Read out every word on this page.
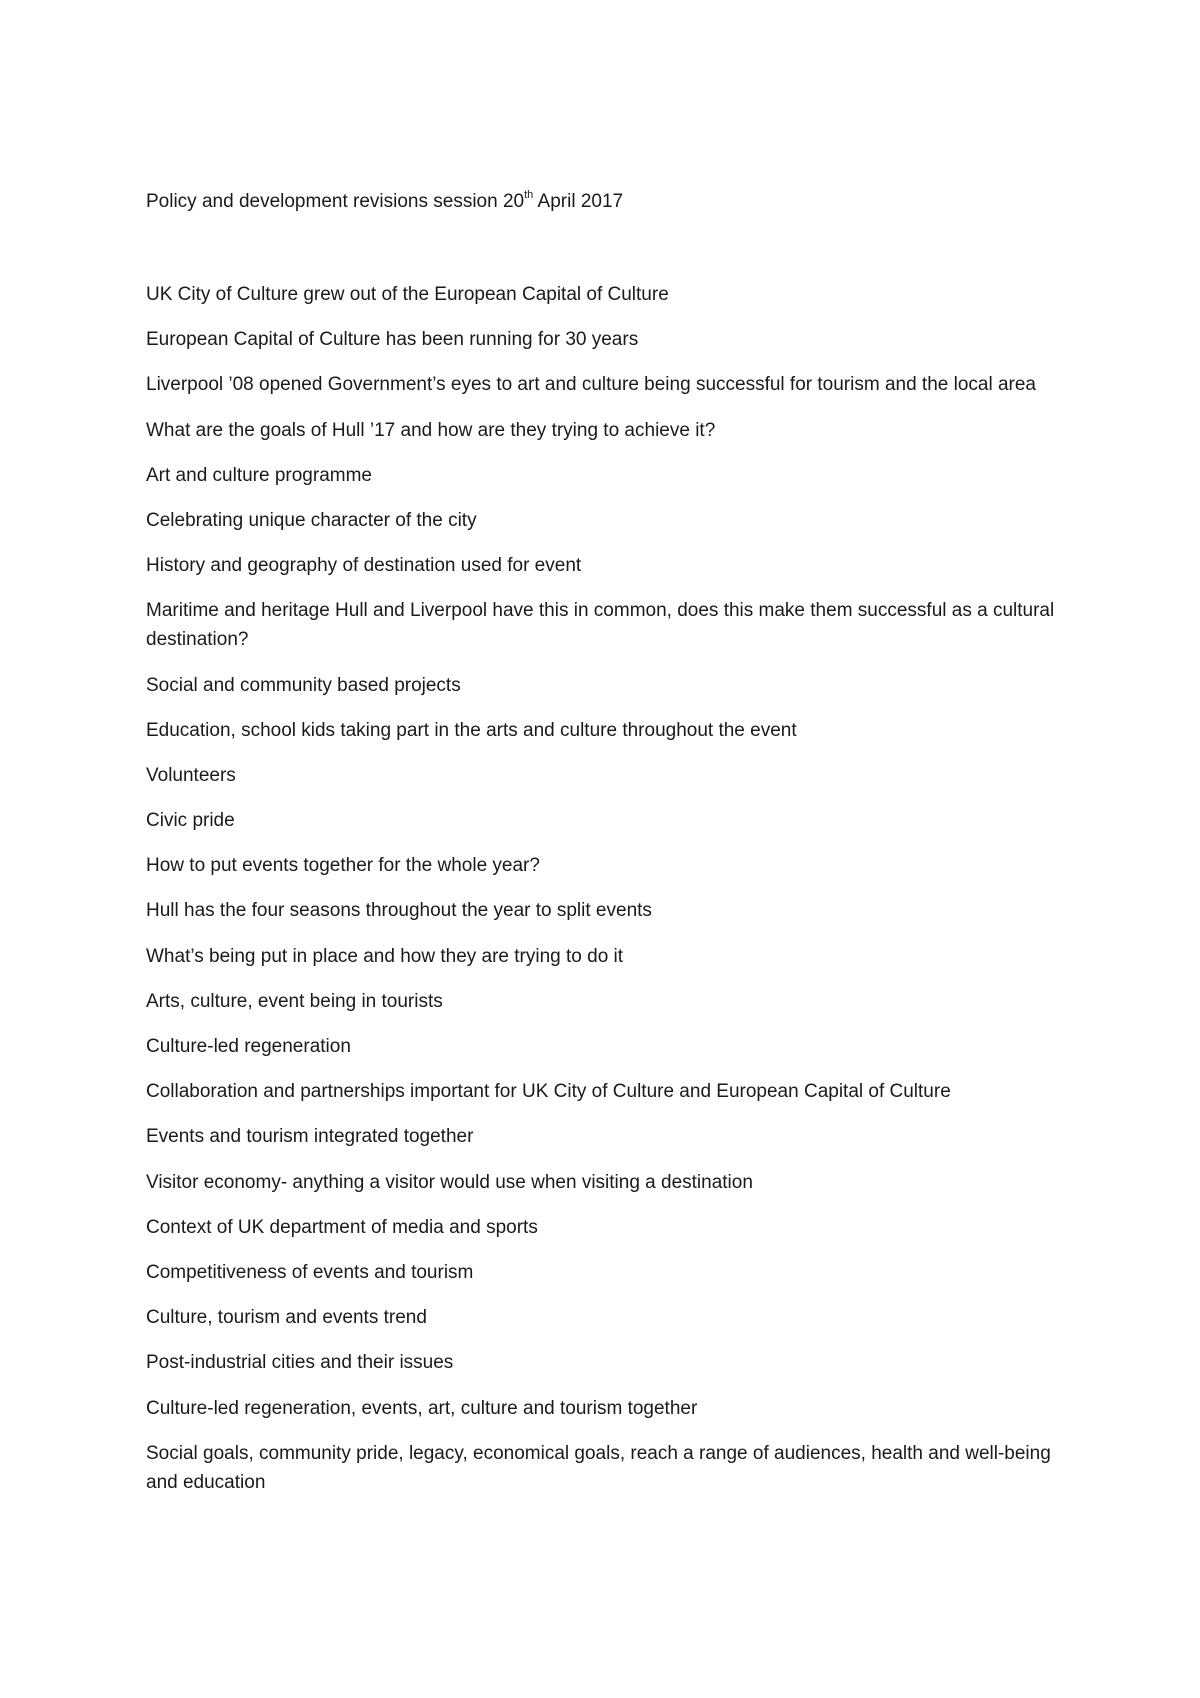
Policy and development revisions session 20th April 2017
UK City of Culture grew out of the European Capital of Culture
European Capital of Culture has been running for 30 years
Liverpool ’08 opened Government’s eyes to art and culture being successful for tourism and the local area
What are the goals of Hull ’17 and how are they trying to achieve it?
Art and culture programme
Celebrating unique character of the city
History and geography of destination used for event
Maritime and heritage Hull and Liverpool have this in common, does this make them successful as a cultural destination?
Social and community based projects
Education, school kids taking part in the arts and culture throughout the event
Volunteers
Civic pride
How to put events together for the whole year?
Hull has the four seasons throughout the year to split events
What’s being put in place and how they are trying to do it
Arts, culture, event being in tourists
Culture-led regeneration
Collaboration and partnerships important for UK City of Culture and European Capital of Culture
Events and tourism integrated together
Visitor economy- anything a visitor would use when visiting a destination
Context of UK department of media and sports
Competitiveness of events and tourism
Culture, tourism and events trend
Post-industrial cities and their issues
Culture-led regeneration, events, art, culture and tourism together
Social goals, community pride, legacy, economical goals, reach a range of audiences, health and well-being and education
